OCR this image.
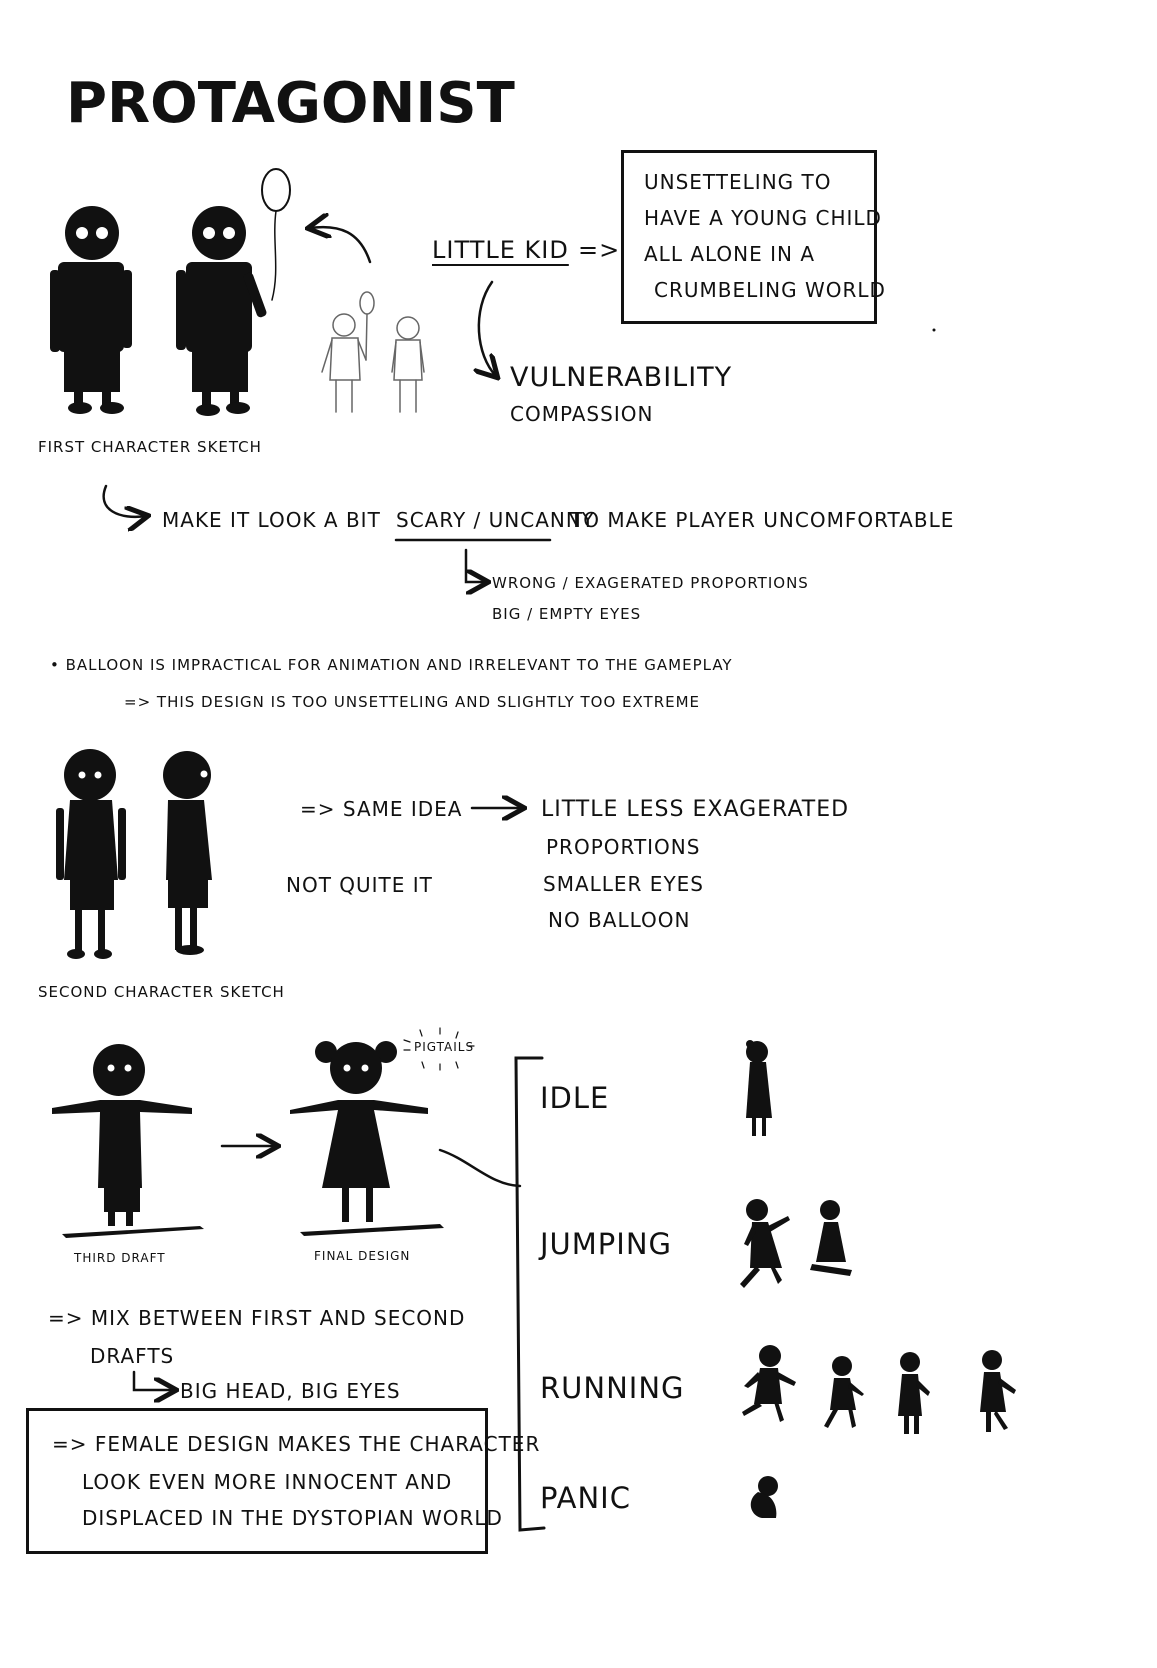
PROTAGONIST
FIRST CHARACTER SKETCH
LITTLE KID =>
UNSETTELING TO
HAVE A YOUNG CHILD
ALL ALONE IN A
CRUMBELING WORLD
VULNERABILITY
COMPASSION
MAKE IT LOOK A BIT SCARY / UNCANNY
TO MAKE PLAYER UNCOMFORTABLE
WRONG / EXAGERATED PROPORTIONS
BIG / EMPTY EYES
• BALLOON IS IMPRACTICAL FOR ANIMATION AND IRRELEVANT TO THE GAMEPLAY
=> THIS DESIGN IS TOO UNSETTELING AND SLIGHTLY TOO EXTREME
=> SAME IDEA
NOT QUITE IT
LITTLE LESS EXAGERATED
PROPORTIONS
SMALLER EYES
NO BALLOON
SECOND CHARACTER SKETCH
PIGTAILS
THIRD DRAFT	FINAL DESIGN
=> MIX BETWEEN FIRST AND SECOND
DRAFTS
BIG HEAD, BIG EYES
=> FEMALE DESIGN MAKES THE CHARACTER
LOOK EVEN MORE INNOCENT AND
DISPLACED IN THE DYSTOPIAN WORLD
IDLE
JUMPING
RUNNING
PANIC
